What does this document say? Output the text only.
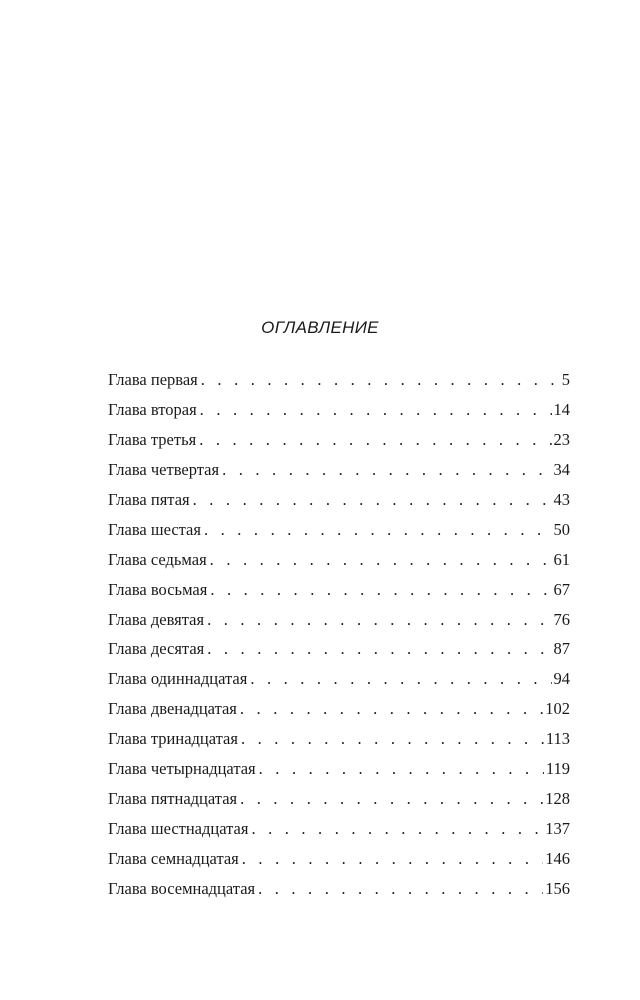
ОГЛАВЛЕНИЕ
Глава первая . . .	5
Глава вторая . . .	14
Глава третья . . .	23
Глава четвертая . . .	34
Глава пятая . . .	43
Глава шестая . . .	50
Глава седьмая . . .	61
Глава восьмая . . .	67
Глава девятая . . .	76
Глава десятая . . .	87
Глава одиннадцатая . . .	94
Глава двенадцатая . . .	102
Глава тринадцатая . . .	113
Глава четырнадцатая . . .	119
Глава пятнадцатая . . .	128
Глава шестнадцатая . . .	137
Глава семнадцатая . . .	146
Глава восемнадцатая . . .	156
